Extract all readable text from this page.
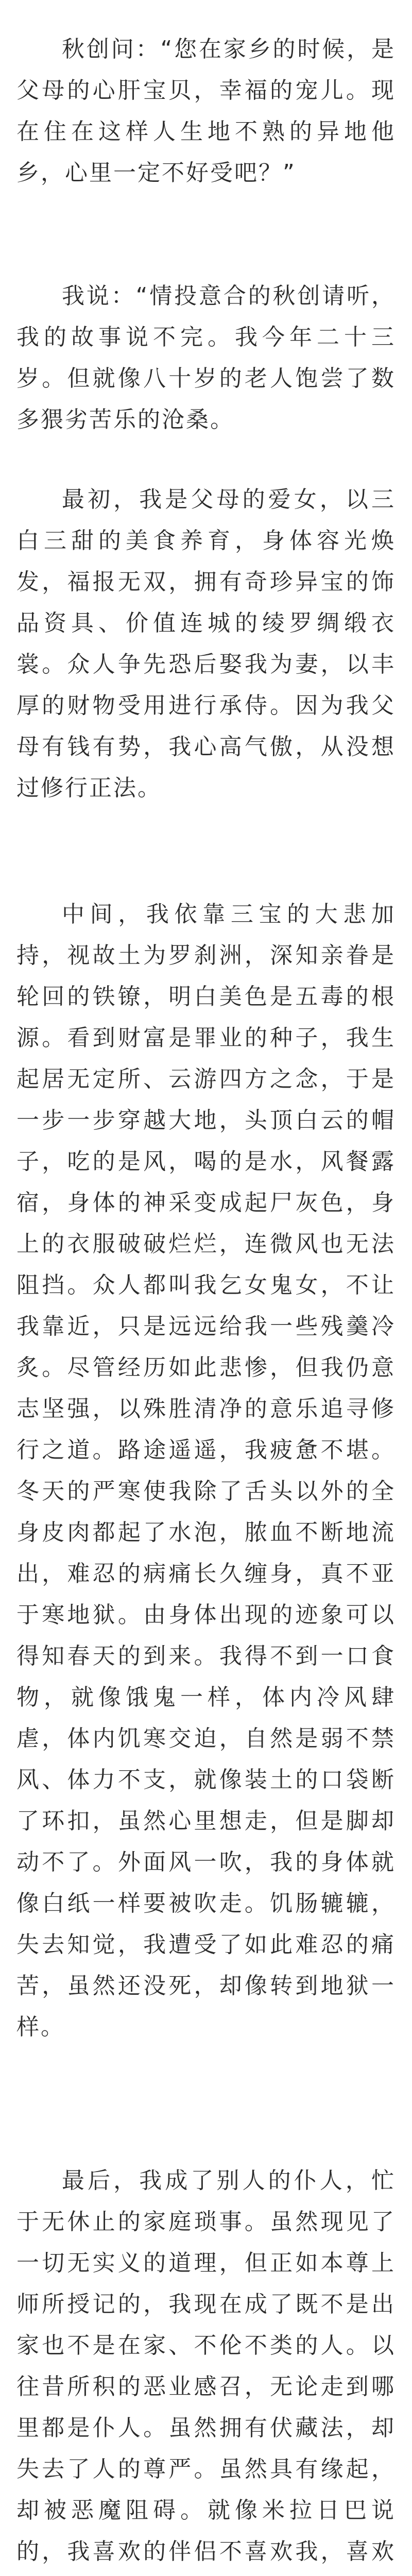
秋创问：“您在家乡的时候，是父母的心肝宝贝，幸福的宠儿。现在住在这样人生地不熟的异地他乡，心里一定不好受吧？”

我说：“情投意合的秋创请听，我的故事说不完。我今年二十三岁。但就像八十岁的老人饱尝了数多猥劣苦乐的沧桑。

最初，我是父母的爱女，以三白三甜的美食养育，身体容光焕发，福报无双，拥有奇珍异宝的饰品资具、价值连城的绫罗绸缎衣裳。众人争先恐后娶我为妻，以丰厚的财物受用进行承侍。因为我父母有钱有势，我心高气傲，从没想过修行正法。

中间，我依靠三宝的大悲加持，视故土为罗刹洲，深知亲眷是轮回的铁镣，明白美色是五毒的根源。看到财富是罪业的种子，我生起居无定所、云游四方之念，于是一步一步穿越大地，头顶白云的帽子，吃的是风，喝的是水，风餐露宿，身体的神采变成起尸灰色，身上的衣服破破烂烂，连微风也无法阻挡。众人都叫我乞女鬼女，不让我靠近，只是远远给我一些残羹冷炙。尽管经历如此悲惨，但我仍意志坚强，以殊胜清净的意乐追寻修行之道。路途遥遥，我疲惫不堪。冬天的严寒使我除了舌头以外的全身皮肉都起了水泡，脓血不断地流出，难忍的病痛长久缠身，真不亚于寒地狱。由身体出现的迹象可以得知春天的到来。我得不到一口食物，就像饿鬼一样，体内冷风肆虐，体内饥寒交迫，自然是弱不禁风、体力不支，就像装土的口袋断了环扣，虽然心里想走，但是脚却动不了。外面风一吹，我的身体就像白纸一样要被吹走。饥肠辘辘，失去知觉，我遭受了如此难忍的痛苦，虽然还没死，却像转到地狱一样。

最后，我成了别人的仆人，忙于无休止的家庭琐事。虽然现见了一切无实义的道理，但正如本尊上师所授记的，我现在成了既不是出家也不是在家、不伦不类的人。以往昔所积的恶业感召，无论走到哪里都是仆人。虽然拥有伏藏法，却失去了人的尊严。虽然具有缘起，却被恶魔阻碍。就像米拉日巴说的，我喜欢的伴侣不喜欢我，喜欢
